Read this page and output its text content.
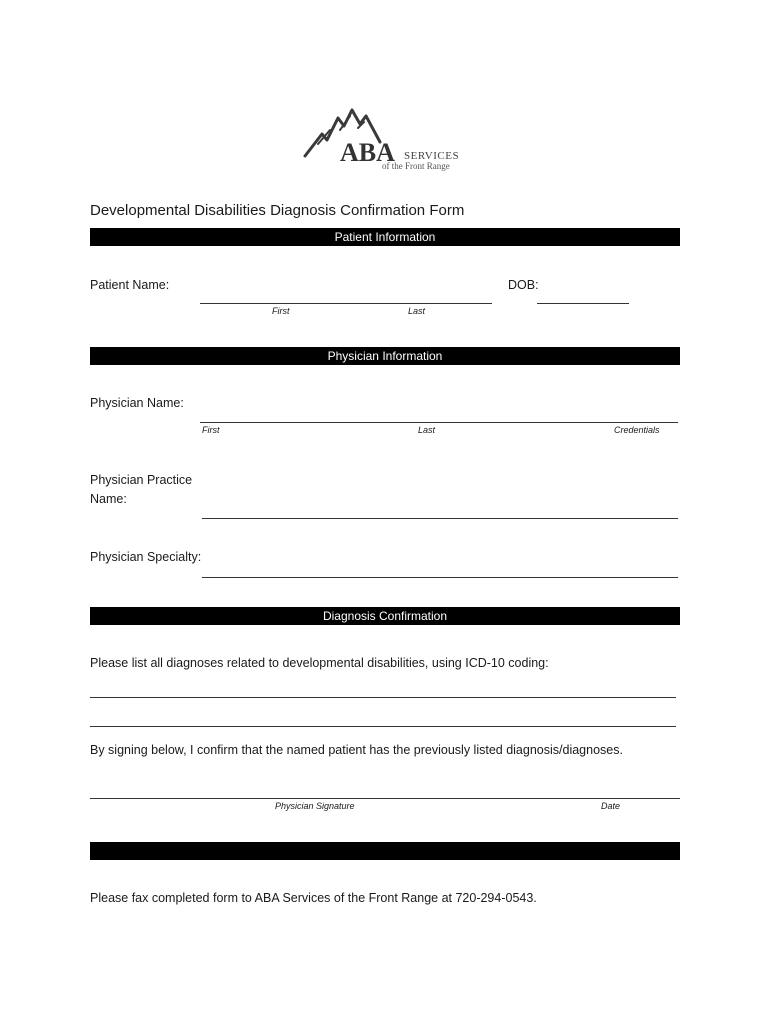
ABA SERVICES
of the Front Range
Developmental Disabilities Diagnosis Confirmation Form
Patient Information
Patient Name:	DOB:
First	Last
Physician Information
Physician Name:
First	Last	Credentials
Physician Practice
Name:
Physician Specialty:
Diagnosis Confirmation
Please list all diagnoses related to developmental disabilities, using ICD-10 coding:
By signing below, I confirm that the named patient has the previously listed diagnosis/diagnoses.
Physician Signature	Date
Please fax completed form to ABA Services of the Front Range at 720-294-0543.
